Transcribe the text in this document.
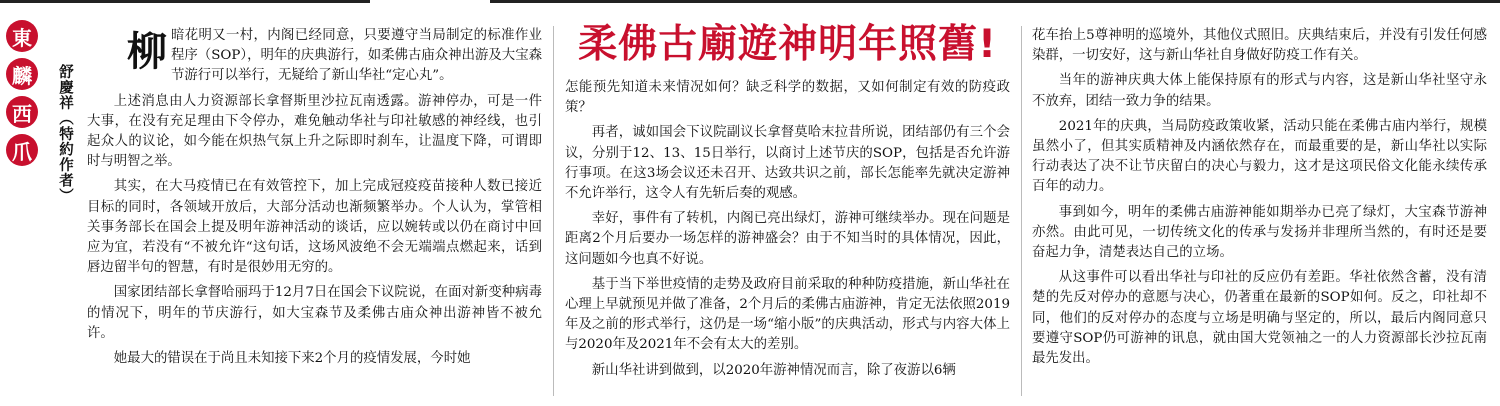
東
麟
西
爪	舒慶祥（特約作者）

柳暗花明又一村，内阁已经同意，只要遵守当局制定的标准作业程序（SOP），明年的庆典游行，如柔佛古庙众神出游及大宝森节游行可以举行，无疑给了新山华社“定心丸”。

上述消息由人力资源部长拿督斯里沙拉瓦南透露。游神停办，可是一件大事，在没有充足理由下令停办，难免触动华社与印社敏感的神经线，也引起众人的议论，如今能在炽热气氛上升之际即时刹车，让温度下降，可谓即时与明智之举。

其实，在大马疫情已在有效管控下，加上完成冠疫疫苗接种人数已接近目标的同时，各领域开放后，大部分活动也渐频繁举办。个人认为，掌管相关事务部长在国会上提及明年游神活动的谈话，应以婉转或以仍在商讨中回应为宜，若没有“不被允许“这句话，这场风波绝不会无端端点燃起来，话到唇边留半句的智慧，有时是很妙用无穷的。

国家团结部长拿督哈丽玛于12月7日在国会下议院说，在面对新变种病毒的情况下，明年的节庆游行，如大宝森节及柔佛古庙众神出游神皆不被允许。

她最大的错误在于尚且未知接下来2个月的疫情发展，今时她

柔佛古廟遊神明年照舊!

怎能预先知道未来情况如何？缺乏科学的数据，又如何制定有效的防疫政策？

再者，诚如国会下议院副议长拿督莫哈末拉昔所说，团结部仍有三个会议，分别于12、13、15日举行，以商讨上述节庆的SOP，包括是否允许游行事项。在这3场会议还未召开、达致共识之前，部长怎能率先就决定游神不允许举行，这令人有先斩后奏的观感。

幸好，事件有了转机，内阁已亮出绿灯，游神可继续举办。现在问题是距离2个月后要办一场怎样的游神盛会？由于不知当时的具体情况，因此，这问题如今也真不好说。

基于当下举世疫情的走势及政府目前采取的种种防疫措施，新山华社在心理上早就预见并做了准备，2个月后的柔佛古庙游神，肯定无法依照2019年及之前的形式举行，这仍是一场“缩小版”的庆典活动，形式与内容大体上与2020年及2021年不会有太大的差别。

新山华社讲到做到，以2020年游神情况而言，除了夜游以6辆

花车抬上5尊神明的巡境外，其他仪式照旧。庆典结束后，并没有引发任何感染群，一切安好，这与新山华社自身做好防疫工作有关。

当年的游神庆典大体上能保持原有的形式与内容，这是新山华社坚守永不放弃，团结一致力争的结果。

2021年的庆典，当局防疫政策收紧，活动只能在柔佛古庙内举行，规模虽然小了，但其实质精神及内涵依然存在，而最重要的是，新山华社以实际行动表达了决不让节庆留白的决心与毅力，这才是这项民俗文化能永续传承百年的动力。

事到如今，明年的柔佛古庙游神能如期举办已亮了绿灯，大宝森节游神亦然。由此可见，一切传统文化的传承与发扬并非理所当然的，有时还是要奋起力争，清楚表达自己的立场。

从这事件可以看出华社与印社的反应仍有差距。华社依然含蓄，没有清楚的先反对停办的意愿与决心，仍著重在最新的SOP如何。反之，印社却不同，他们的反对停办的态度与立场是明确与坚定的，所以，最后内阁同意只要遵守SOP仍可游神的讯息，就由国大党领袖之一的人力资源部长沙拉瓦南最先发出。
